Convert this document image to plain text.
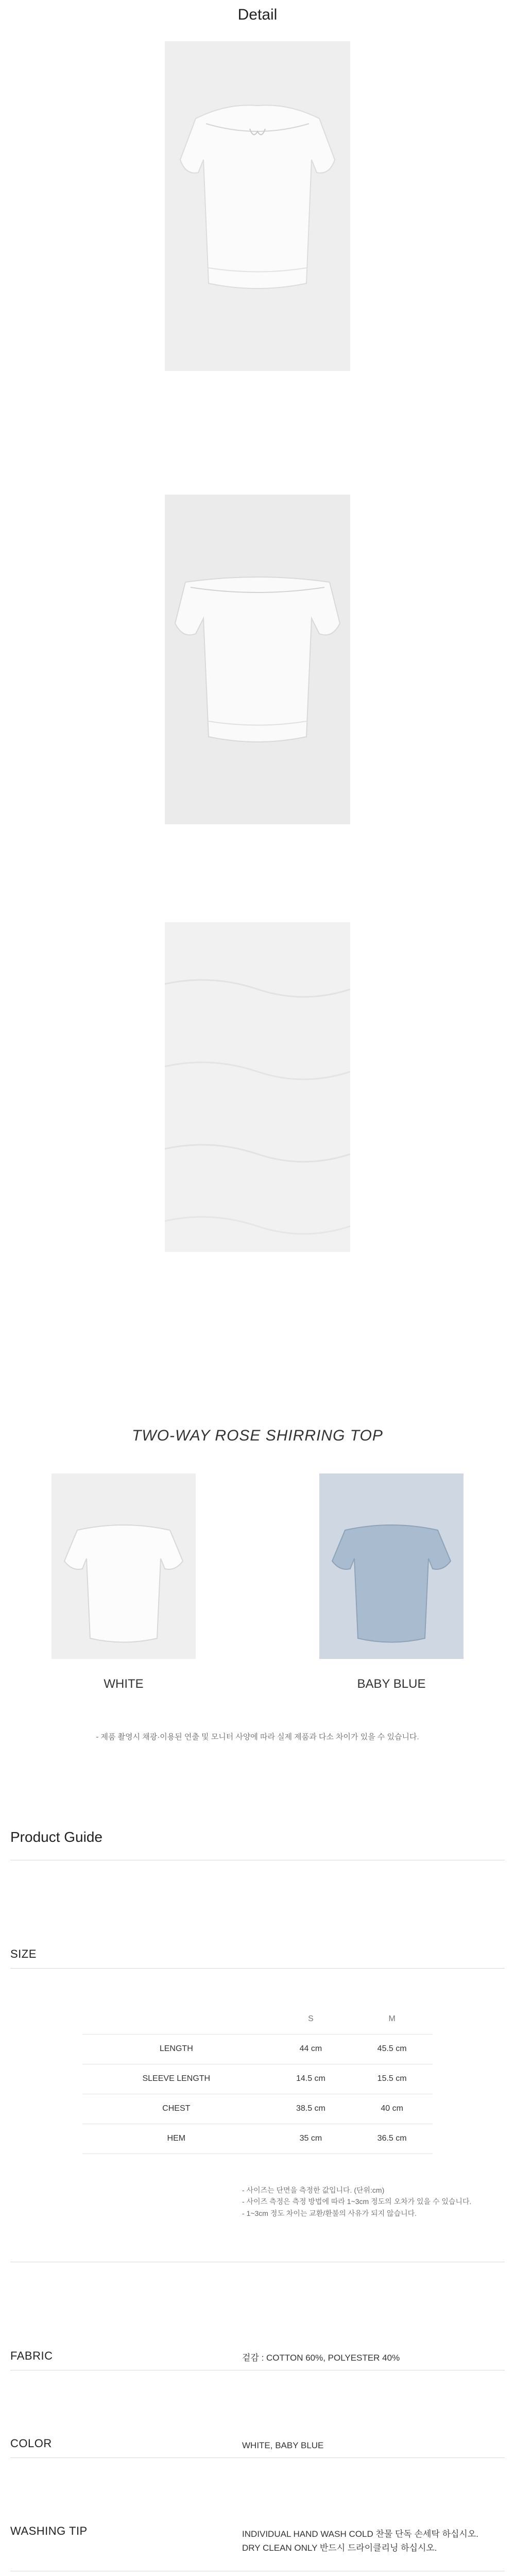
Detail
TWO-WAY ROSE SHIRRING TOP
WHITE	BABY BLUE
- 제품 촬영시 채광·이용된 연출 및 모니터 사양에 따라 실제 제품과 다소 차이가 있을 수 있습니다.
Product Guide
SIZE
	S	M
LENGTH	44 cm	45.5 cm
SLEEVE LENGTH	14.5 cm	15.5 cm
CHEST	38.5 cm	40 cm
HEM	35 cm	36.5 cm
- 사이즈는 단면을 측정한 값입니다. (단위:cm)
- 사이즈 측정은 측정 방법에 따라 1~3cm 정도의 오차가 있을 수 있습니다.
- 1~3cm 정도 차이는 교환/환불의 사유가 되지 않습니다.
FABRIC	겉감 : COTTON 60%, POLYESTER 40%
COLOR	WHITE, BABY BLUE
WASHING TIP	INDIVIDUAL HAND WASH COLD 찬물 단독 손세탁 하십시오.
DRY CLEAN ONLY 반드시 드라이클리닝 하십시오.
